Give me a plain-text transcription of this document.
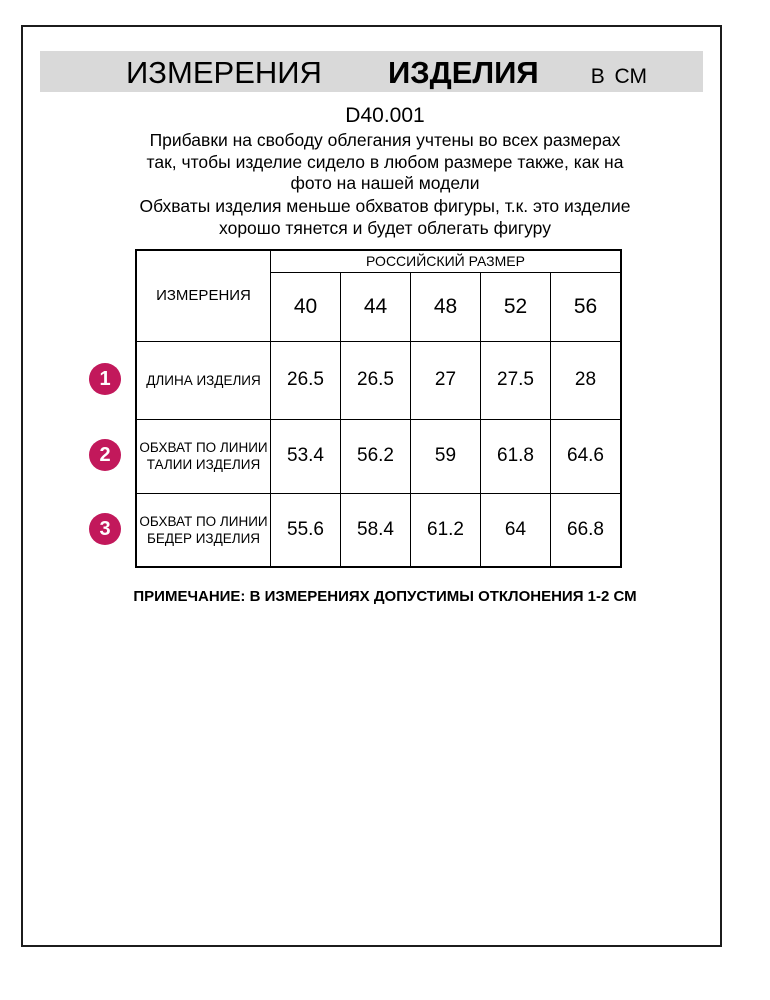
ИЗМЕРЕНИЯ ИЗДЕЛИЯ В СМ
D40.001
Прибавки на свободу облегания учтены во всех размерах так, чтобы изделие сидело в любом размере также, как на фото на нашей модели
Обхваты изделия меньше обхватов фигуры, т.к. это изделие хорошо тянется и будет облегать фигуру
ИЗМЕРЕНИЯ	РОССИЙСКИЙ РАЗМЕР				
	40	44	48	52	56
ДЛИНА ИЗДЕЛИЯ	26.5	26.5	27	27.5	28
ОБХВАТ ПО ЛИНИИ ТАЛИИ ИЗДЕЛИЯ	53.4	56.2	59	61.8	64.6
ОБХВАТ ПО ЛИНИИ БЕДЕР ИЗДЕЛИЯ	55.6	58.4	61.2	64	66.8
1
2
3
ПРИМЕЧАНИЕ: В ИЗМЕРЕНИЯХ ДОПУСТИМЫ ОТКЛОНЕНИЯ 1-2 СМ
